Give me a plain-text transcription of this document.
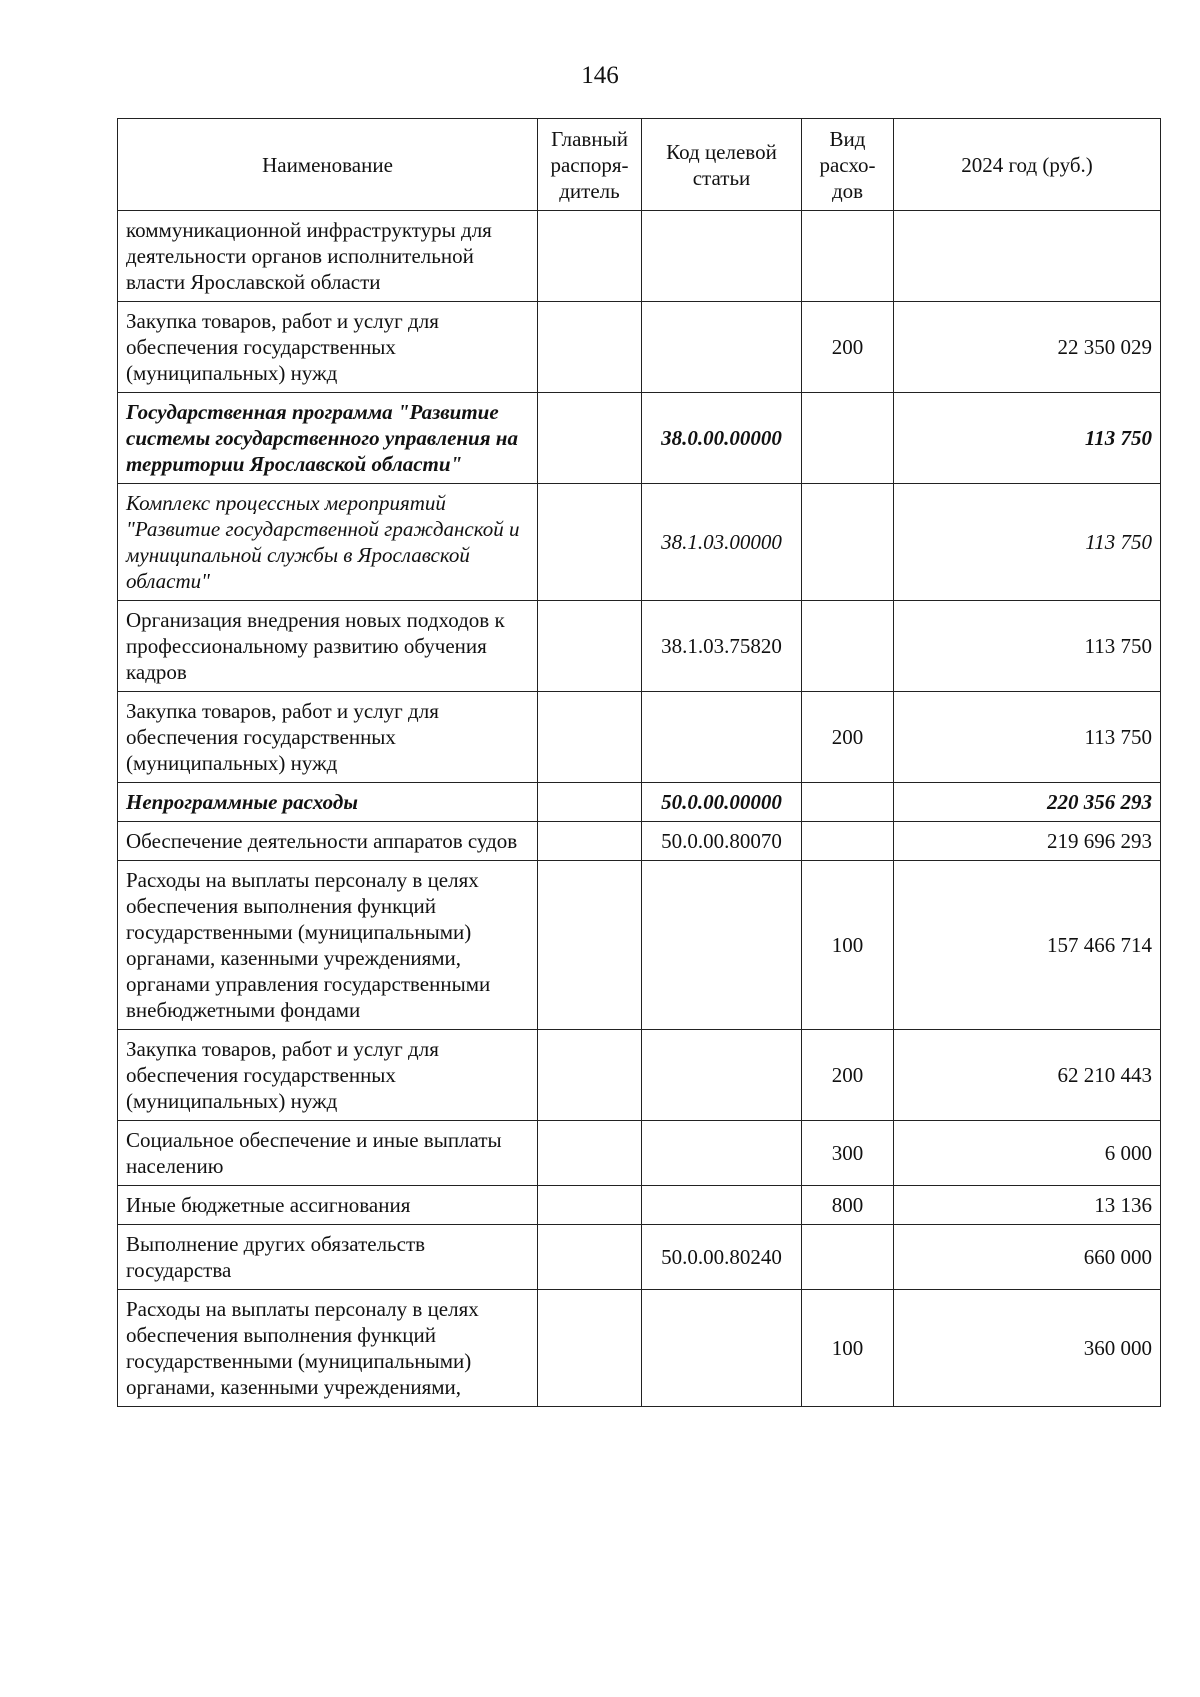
146
Наименование	Главный распоря-дитель	Код целевой статьи	Вид расхо-дов	2024 год (руб.)
коммуникационной инфраструктуры для деятельности органов исполнительной власти Ярославской области				
Закупка товаров, работ и услуг для обеспечения государственных (муниципальных) нужд			200	22 350 029
Государственная программа "Развитие системы государственного управления на территории Ярославской области"		38.0.00.00000		113 750
Комплекс процессных мероприятий "Развитие государственной гражданской и муниципальной службы в Ярославской области"		38.1.03.00000		113 750
Организация внедрения новых подходов к профессиональному развитию обучения кадров		38.1.03.75820		113 750
Закупка товаров, работ и услуг для обеспечения государственных (муниципальных) нужд			200	113 750
Непрограммные расходы		50.0.00.00000		220 356 293
Обеспечение деятельности аппаратов судов		50.0.00.80070		219 696 293
Расходы на выплаты персоналу в целях обеспечения выполнения функций государственными (муниципальными) органами, казенными учреждениями, органами управления государственными внебюджетными фондами			100	157 466 714
Закупка товаров, работ и услуг для обеспечения государственных (муниципальных) нужд			200	62 210 443
Социальное обеспечение и иные выплаты населению			300	6 000
Иные бюджетные ассигнования			800	13 136
Выполнение других обязательств государства		50.0.00.80240		660 000
Расходы на выплаты персоналу в целях обеспечения выполнения функций государственными (муниципальными) органами, казенными учреждениями,			100	360 000
